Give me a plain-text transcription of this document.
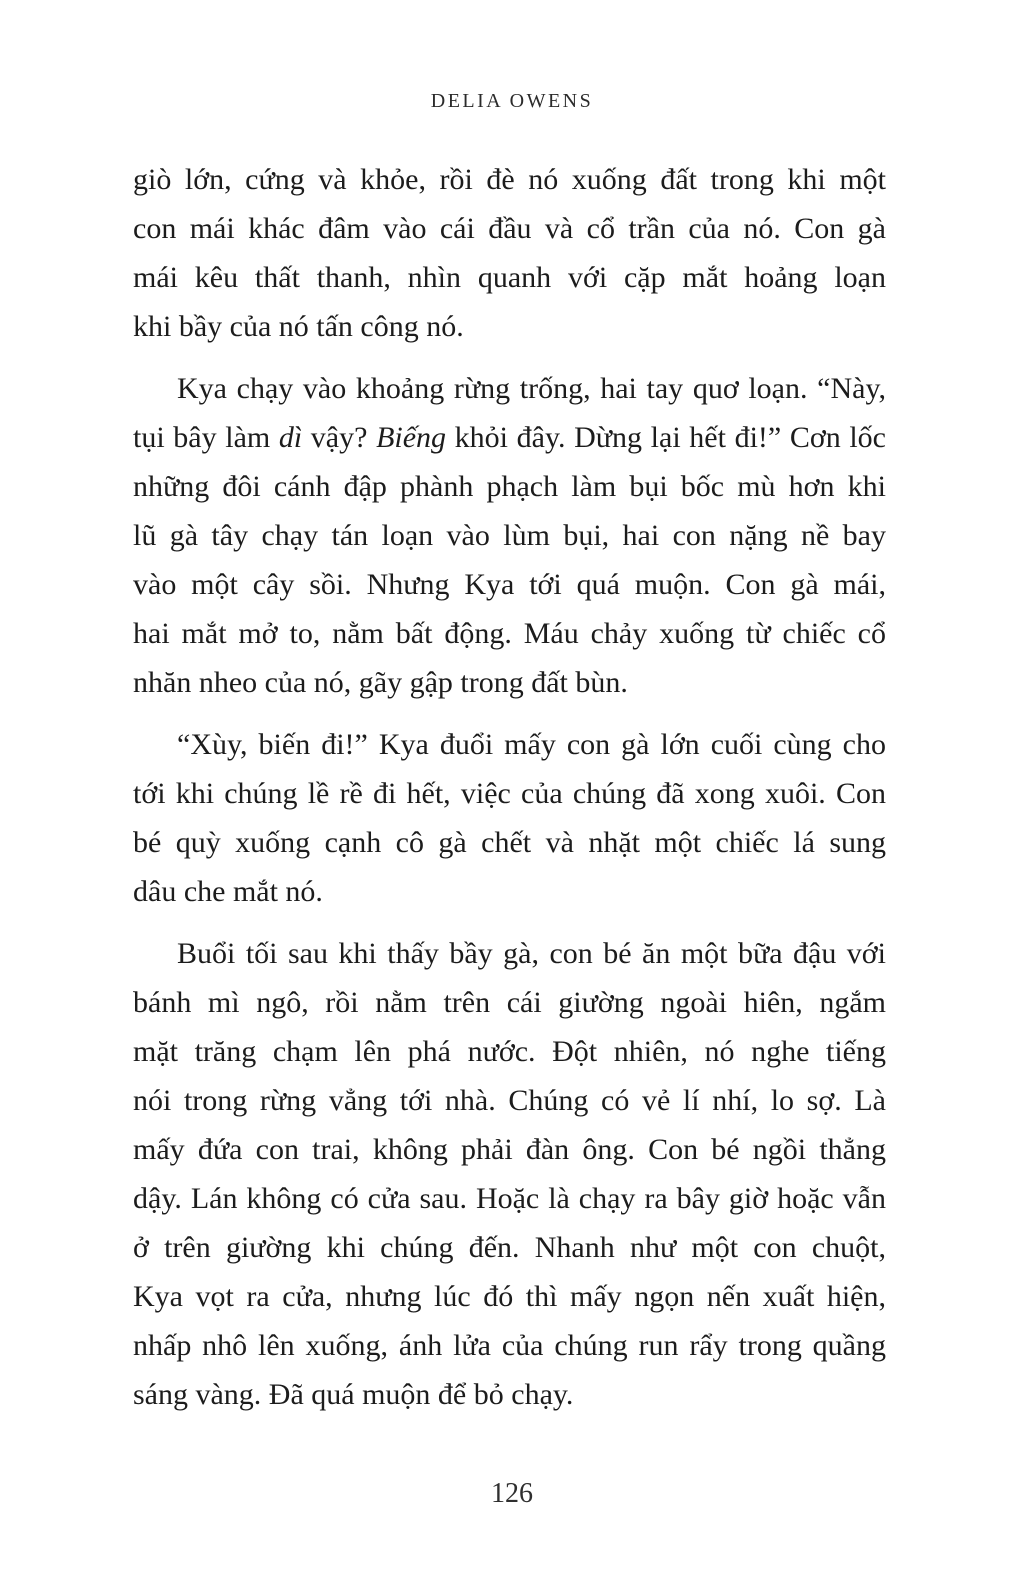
DELIA OWENS
giò lớn, cứng và khỏe, rồi đè nó xuống đất trong khi một
con mái khác đâm vào cái đầu và cổ trần của nó. Con gà
mái kêu thất thanh, nhìn quanh với cặp mắt hoảng loạn
khi bầy của nó tấn công nó.
Kya chạy vào khoảng rừng trống, hai tay quơ loạn. “Này,
tụi bây làm dì vậy? Biếng khỏi đây. Dừng lại hết đi!” Cơn lốc
những đôi cánh đập phành phạch làm bụi bốc mù hơn khi
lũ gà tây chạy tán loạn vào lùm bụi, hai con nặng nề bay
vào một cây sồi. Nhưng Kya tới quá muộn. Con gà mái,
hai mắt mở to, nằm bất động. Máu chảy xuống từ chiếc cổ
nhăn nheo của nó, gãy gập trong đất bùn.
“Xùy, biến đi!” Kya đuổi mấy con gà lớn cuối cùng cho
tới khi chúng lề rề đi hết, việc của chúng đã xong xuôi. Con
bé quỳ xuống cạnh cô gà chết và nhặt một chiếc lá sung
dâu che mắt nó.
Buổi tối sau khi thấy bầy gà, con bé ăn một bữa đậu với
bánh mì ngô, rồi nằm trên cái giường ngoài hiên, ngắm
mặt trăng chạm lên phá nước. Đột nhiên, nó nghe tiếng
nói trong rừng vẳng tới nhà. Chúng có vẻ lí nhí, lo sợ. Là
mấy đứa con trai, không phải đàn ông. Con bé ngồi thẳng
dậy. Lán không có cửa sau. Hoặc là chạy ra bây giờ hoặc vẫn
ở trên giường khi chúng đến. Nhanh như một con chuột,
Kya vọt ra cửa, nhưng lúc đó thì mấy ngọn nến xuất hiện,
nhấp nhô lên xuống, ánh lửa của chúng run rẩy trong quầng
sáng vàng. Đã quá muộn để bỏ chạy.
126
